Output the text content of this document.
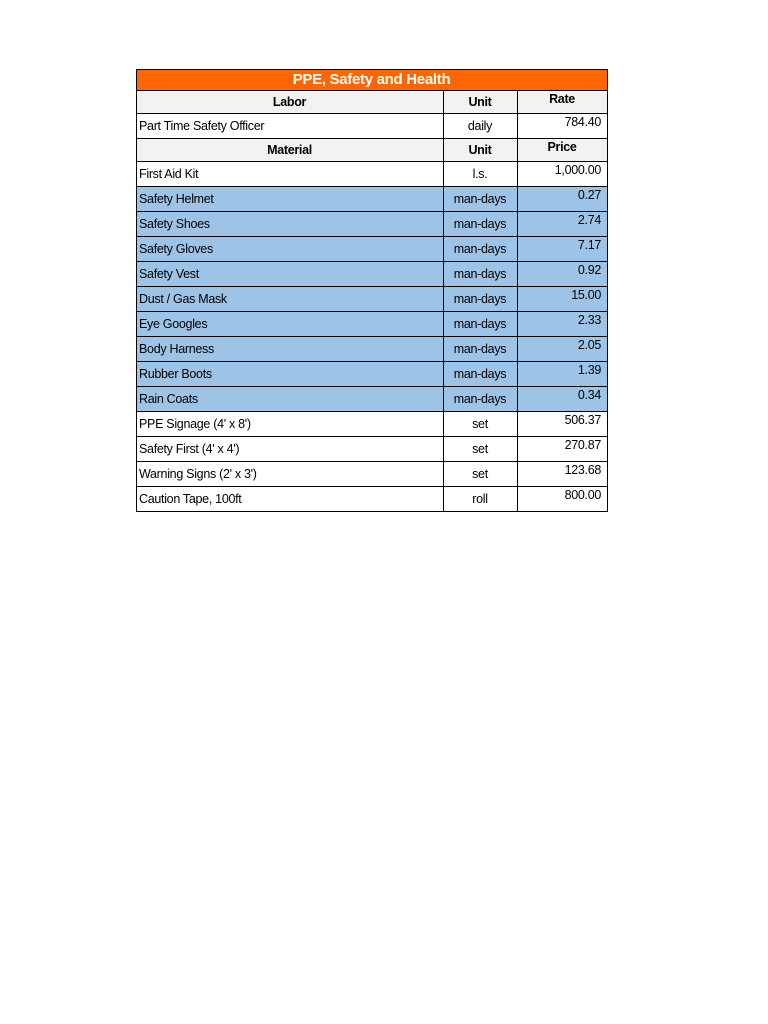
PPE, Safety and Health		
Labor	Unit	Rate
Part Time Safety Officer	daily	784.40
Material	Unit	Price
First Aid Kit	l.s.	1,000.00
Safety Helmet	man-days	0.27
Safety Shoes	man-days	2.74
Safety Gloves	man-days	7.17
Safety Vest	man-days	0.92
Dust / Gas Mask	man-days	15.00
Eye Googles	man-days	2.33
Body Harness	man-days	2.05
Rubber Boots	man-days	1.39
Rain Coats	man-days	0.34
PPE Signage (4' x 8')	set	506.37
Safety First (4' x 4')	set	270.87
Warning Signs (2' x 3')	set	123.68
Caution Tape, 100ft	roll	800.00
